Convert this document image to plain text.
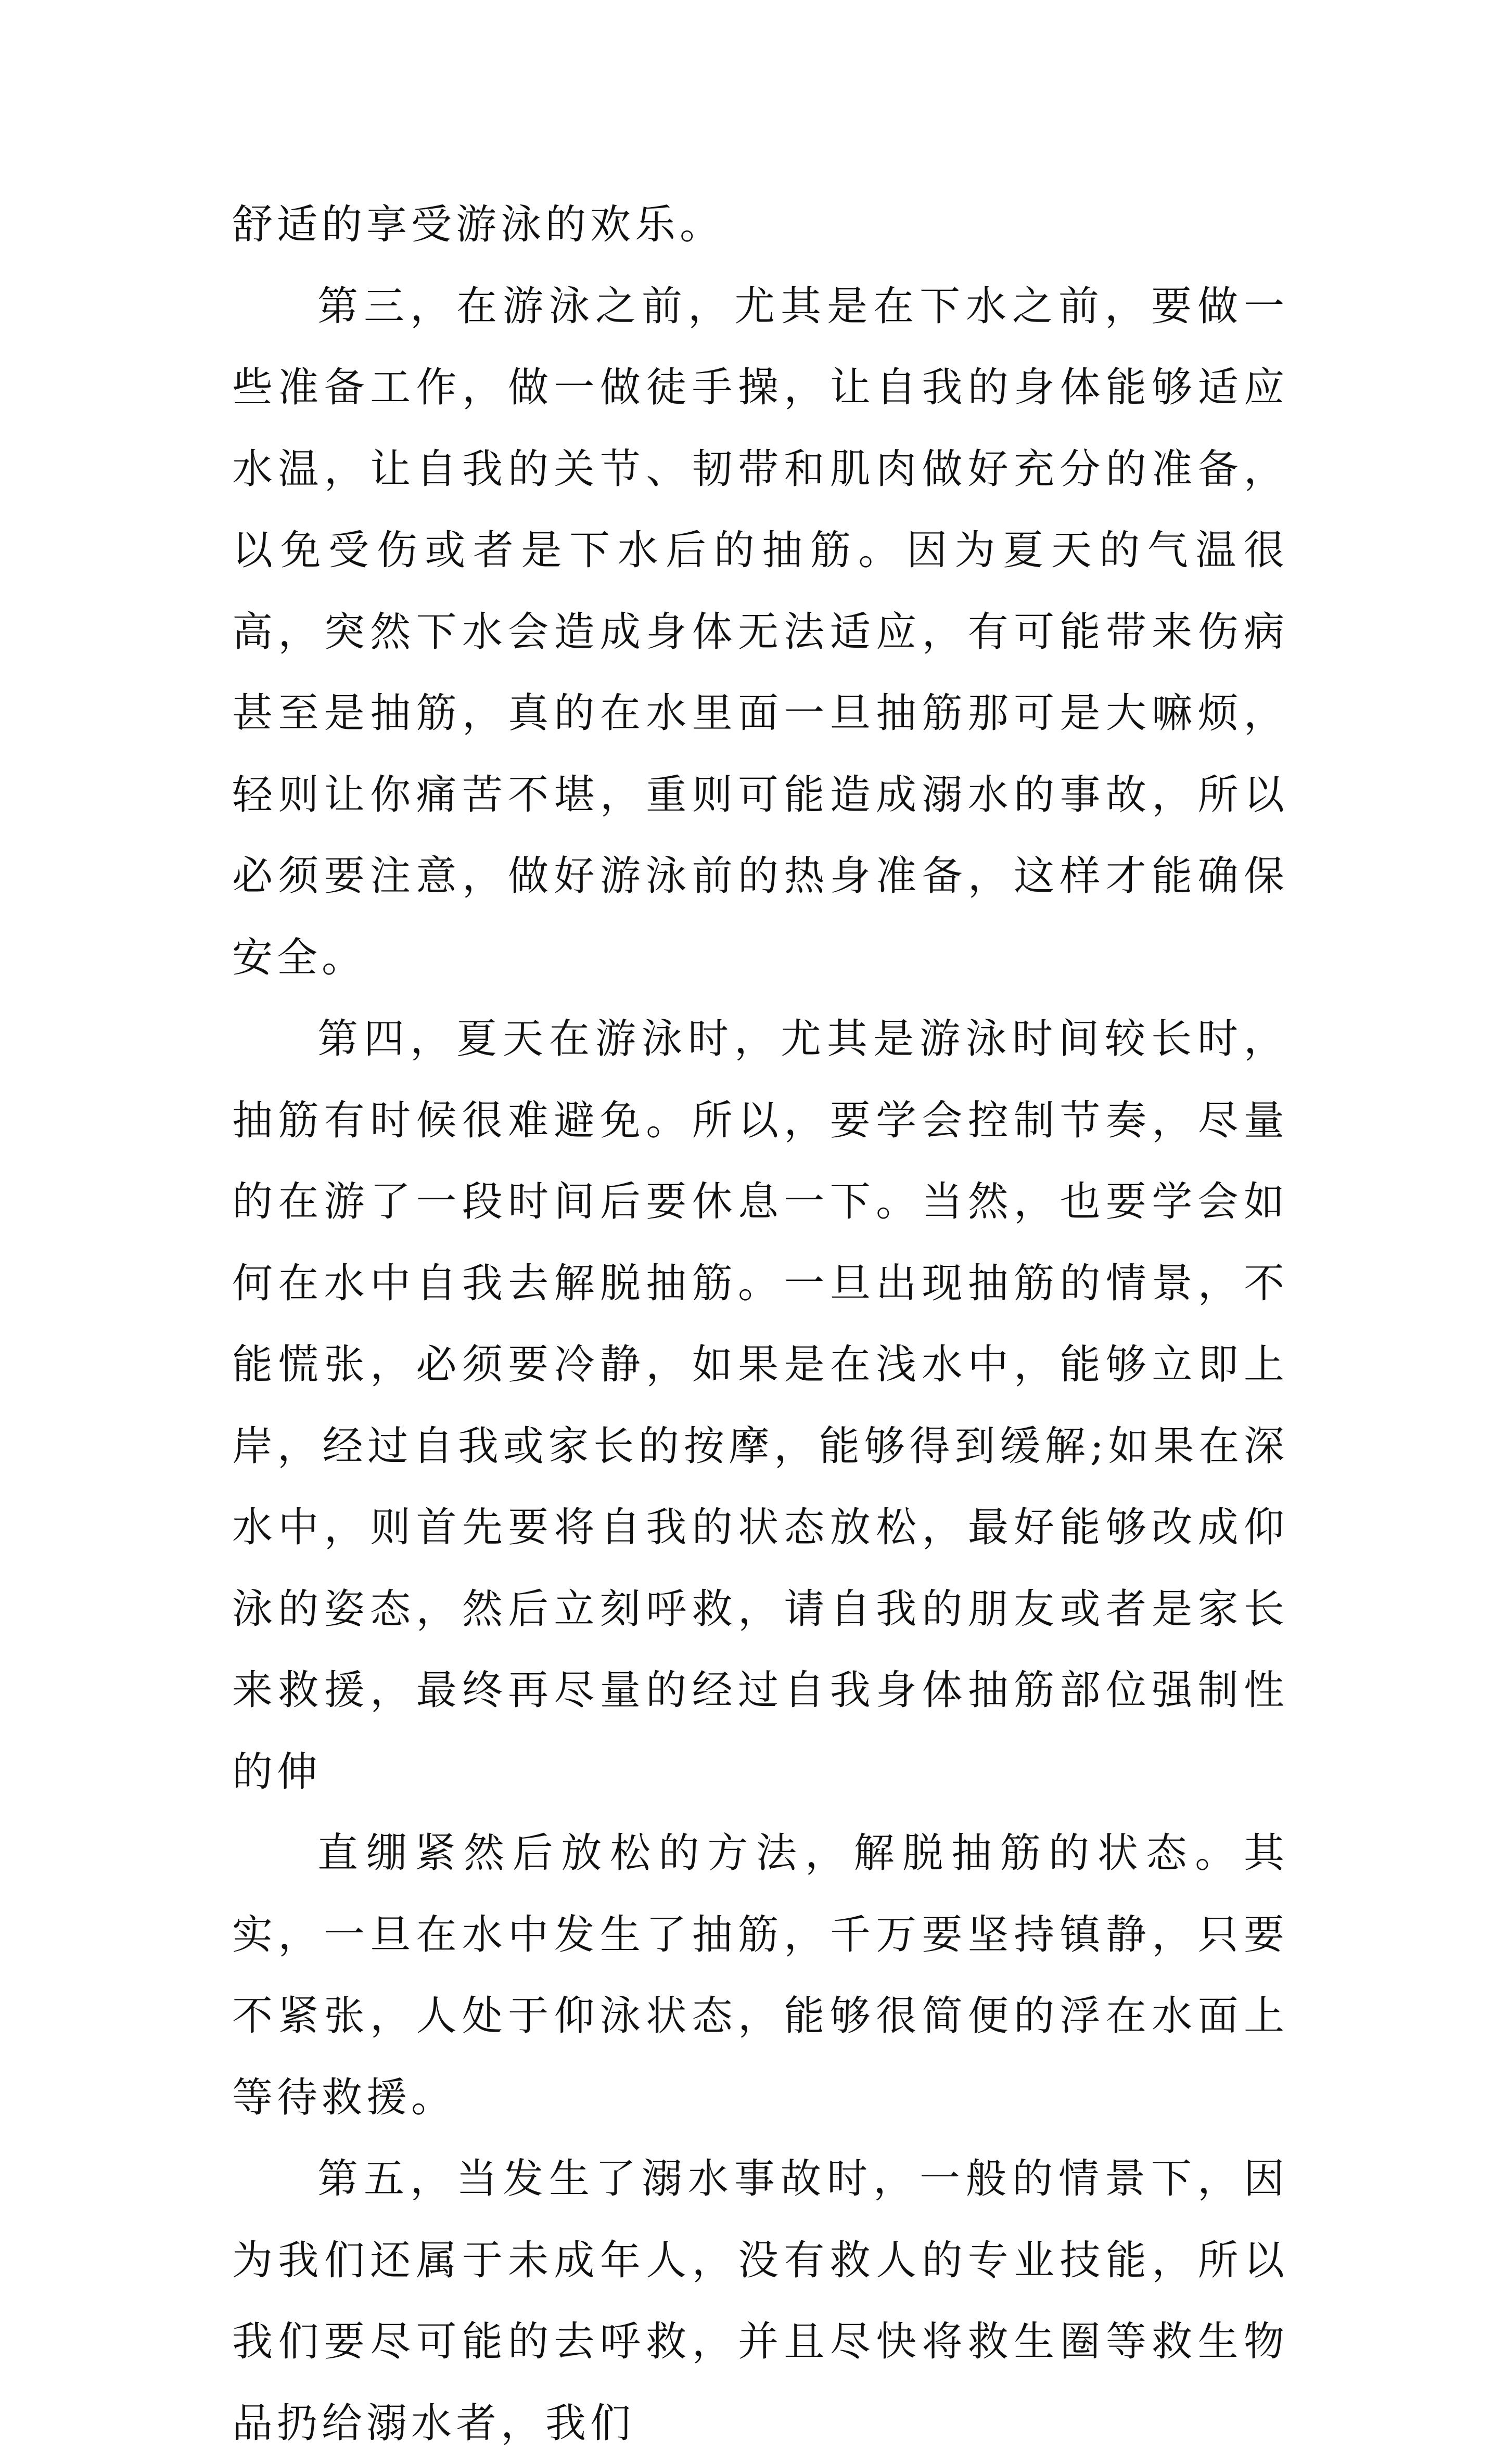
舒适的享受游泳的欢乐。

第三，在游泳之前，尤其是在下水之前，要做一些准备工作，做一做徒手操，让自我的身体能够适应水温，让自我的关节、韧带和肌肉做好充分的准备，以免受伤或者是下水后的抽筋。因为夏天的气温很高，突然下水会造成身体无法适应，有可能带来伤病甚至是抽筋，真的在水里面一旦抽筋那可是大嘛烦，轻则让你痛苦不堪，重则可能造成溺水的事故，所以必须要注意，做好游泳前的热身准备，这样才能确保安全。

第四，夏天在游泳时，尤其是游泳时间较长时，抽筋有时候很难避免。所以，要学会控制节奏，尽量的在游了一段时间后要休息一下。当然，也要学会如何在水中自我去解脱抽筋。一旦出现抽筋的情景，不能慌张，必须要冷静，如果是在浅水中，能够立即上岸，经过自我或家长的按摩，能够得到缓解;如果在深水中，则首先要将自我的状态放松，最好能够改成仰泳的姿态，然后立刻呼救，请自我的朋友或者是家长来救援，最终再尽量的经过自我身体抽筋部位强制性的伸

直绷紧然后放松的方法，解脱抽筋的状态。其实，一旦在水中发生了抽筋，千万要坚持镇静，只要不紧张，人处于仰泳状态，能够很简便的浮在水面上等待救援。

第五，当发生了溺水事故时，一般的情景下，因为我们还属于未成年人，没有救人的专业技能，所以我们要尽可能的去呼救，并且尽快将救生圈等救生物品扔给溺水者，我们
